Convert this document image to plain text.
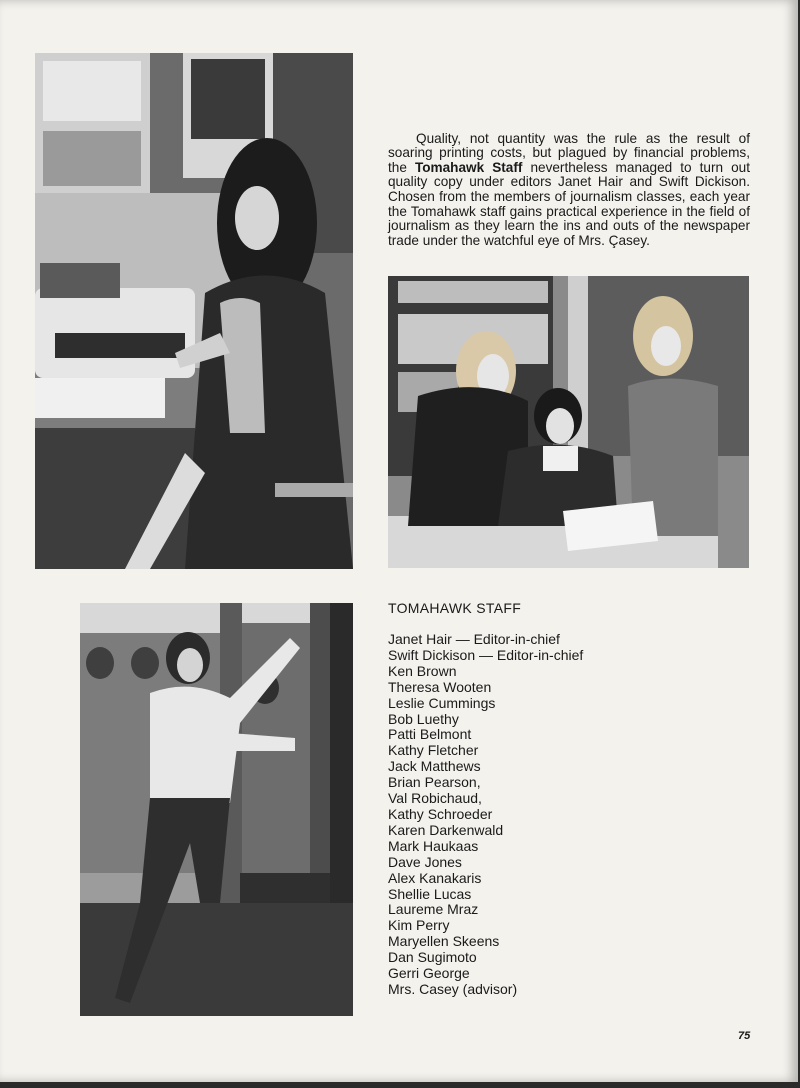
Quality, not quantity was the rule as the result of soaring printing costs, but plagued by financial problems, the Tomahawk Staff nevertheless managed to turn out quality copy under editors Janet Hair and Swift Dickison. Chosen from the members of journalism classes, each year the Tomahawk staff gains practical experience in the field of journalism as they learn the ins and outs of the newspaper trade under the watchful eye of Mrs. Çasey.

TOMAHAWK STAFF
Janet Hair — Editor-in-chief
Swift Dickison — Editor-in-chief
Ken Brown
Theresa Wooten
Leslie Cummings
Bob Luethy
Patti Belmont
Kathy Fletcher
Jack Matthews
Brian Pearson,
Val Robichaud,
Kathy Schroeder
Karen Darkenwald
Mark Haukaas
Dave Jones
Alex Kanakaris
Shellie Lucas
Laureme Mraz
Kim Perry
Maryellen Skeens
Dan Sugimoto
Gerri George
Mrs. Casey (advisor)
75
